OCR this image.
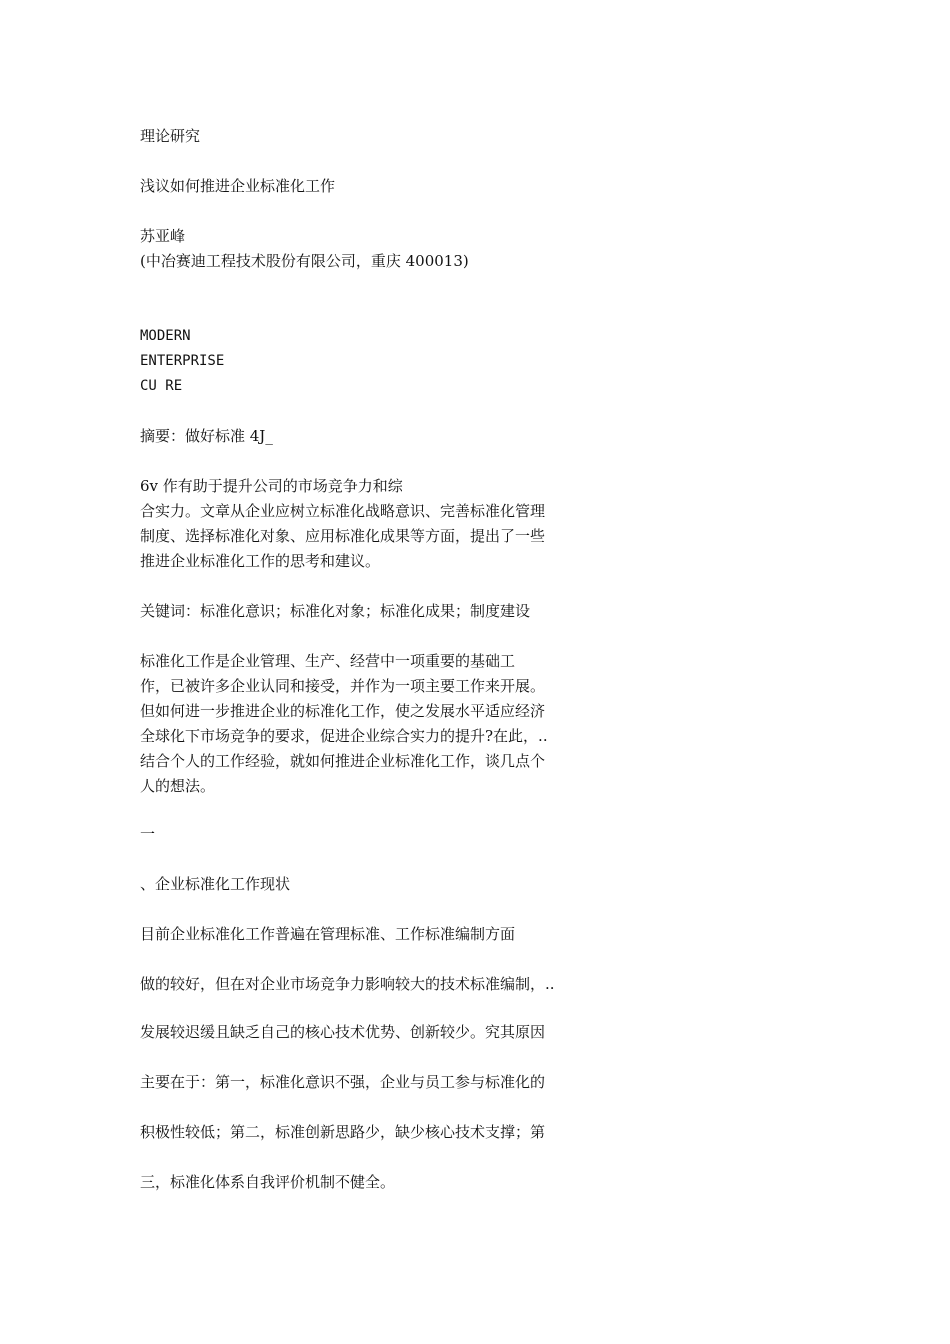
理论研究
浅议如何推进企业标准化工作
苏亚峰
(中冶赛迪工程技术股份有限公司，重庆 400013)
MODERN
ENTERPRISE
CU RE
摘要：做好标准 4J_
6v 作有助于提升公司的市场竞争力和综
合实力。文章从企业应树立标准化战略意识、完善标准化管理
制度、选择标准化对象、应用标准化成果等方面，提出了一些
推进企业标准化工作的思考和建议。
关键词：标准化意识；标准化对象；标准化成果；制度建设
标准化工作是企业管理、生产、经营中一项重要的基础工
作，已被许多企业认同和接受，并作为一项主要工作来开展。
但如何进一步推进企业的标准化工作，使之发展水平适应经济
全球化下市场竞争的要求，促进企业综合实力的提升?在此，..
结合个人的工作经验，就如何推进企业标准化工作，谈几点个
人的想法。
一
、企业标准化工作现状
目前企业标准化工作普遍在管理标准、工作标准编制方面
做的较好，但在对企业市场竞争力影响较大的技术标准编制，..
发展较迟缓且缺乏自己的核心技术优势、创新较少。究其原因
主要在于：第一，标准化意识不强，企业与员工参与标准化的
积极性较低；第二，标准创新思路少，缺少核心技术支撑；第
三，标准化体系自我评价机制不健全。
